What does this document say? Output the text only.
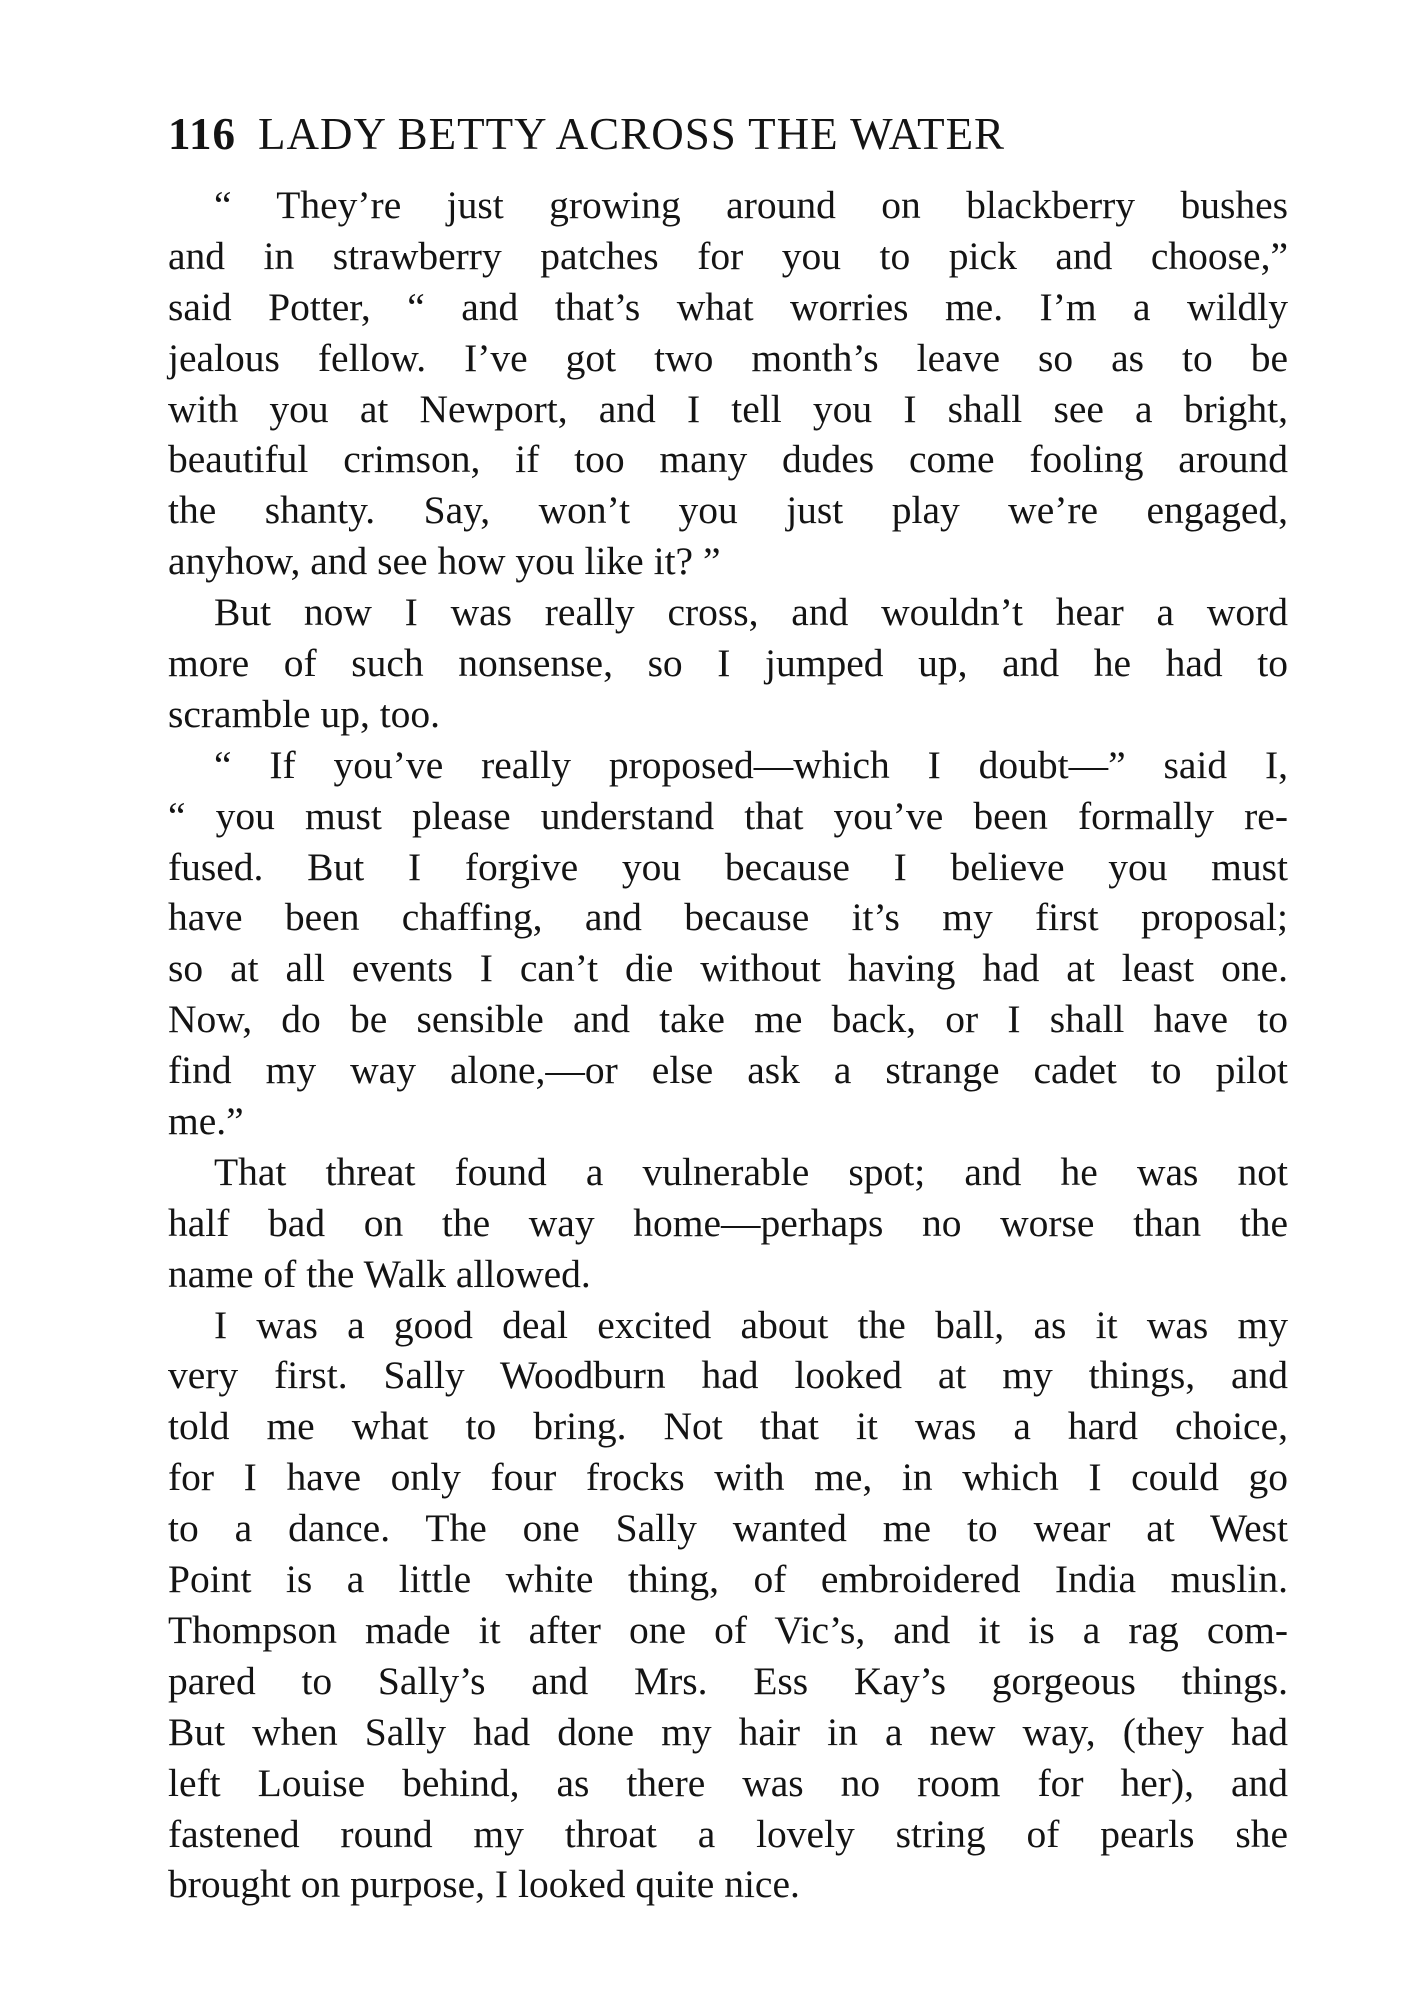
116 LADY BETTY ACROSS THE WATER

“ They’re just growing around on blackberry bushes
and in strawberry patches for you to pick and choose,”
said Potter, “ and that’s what worries me. I’m a wildly
jealous fellow. I’ve got two month’s leave so as to be
with you at Newport, and I tell you I shall see a bright,
beautiful crimson, if too many dudes come fooling around
the shanty. Say, won’t you just play we’re engaged,
anyhow, and see how you like it? ”

But now I was really cross, and wouldn’t hear a word
more of such nonsense, so I jumped up, and he had to
scramble up, too.

“ If you’ve really proposed—which I doubt—” said I,
“ you must please understand that you’ve been formally re-
fused. But I forgive you because I believe you must
have been chaffing, and because it’s my first proposal;
so at all events I can’t die without having had at least one.
Now, do be sensible and take me back, or I shall have to
find my way alone,—or else ask a strange cadet to pilot
me.”

That threat found a vulnerable spot; and he was not
half bad on the way home—perhaps no worse than the
name of the Walk allowed.

I was a good deal excited about the ball, as it was my
very first. Sally Woodburn had looked at my things, and
told me what to bring. Not that it was a hard choice,
for I have only four frocks with me, in which I could go
to a dance. The one Sally wanted me to wear at West
Point is a little white thing, of embroidered India muslin.
Thompson made it after one of Vic’s, and it is a rag com-
pared to Sally’s and Mrs. Ess Kay’s gorgeous things.
But when Sally had done my hair in a new way, (they had
left Louise behind, as there was no room for her), and
fastened round my throat a lovely string of pearls she
brought on purpose, I looked quite nice.
